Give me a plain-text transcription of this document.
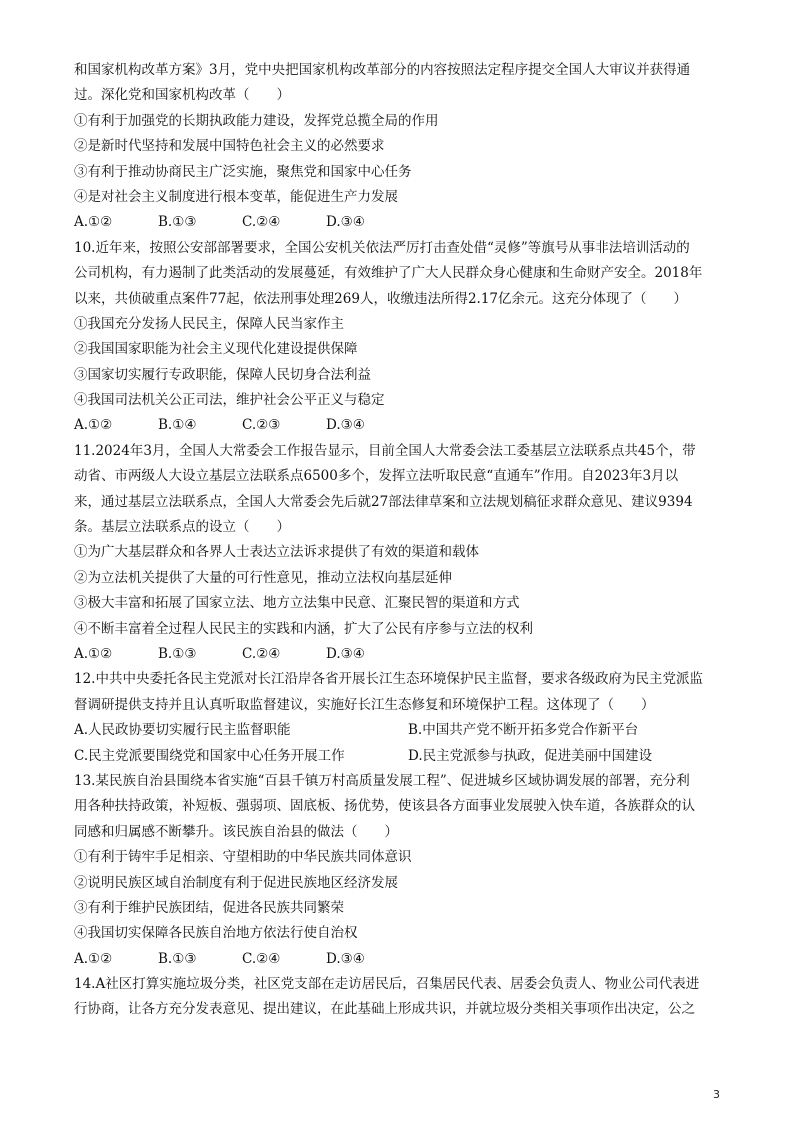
和国家机构改革方案》3月，党中央把国家机构改革部分的内容按照法定程序提交全国人大审议并获得通
过。深化党和国家机构改革（　　）
①有利于加强党的长期执政能力建设，发挥党总揽全局的作用
②是新时代坚持和发展中国特色社会主义的必然要求
③有利于推动协商民主广泛实施，聚焦党和国家中心任务
④是对社会主义制度进行根本变革，能促进生产力发展
A.①②	B.①③	C.②④	D.③④
10.近年来，按照公安部部署要求，全国公安机关依法严厉打击查处借“灵修”等旗号从事非法培训活动的
公司机构，有力遏制了此类活动的发展蔓延，有效维护了广大人民群众身心健康和生命财产安全。2018年
以来，共侦破重点案件77起，依法刑事处理269人，收缴违法所得2.17亿余元。这充分体现了（　　）
①我国充分发扬人民民主，保障人民当家作主
②我国国家职能为社会主义现代化建设提供保障
③国家切实履行专政职能，保障人民切身合法利益
④我国司法机关公正司法，维护社会公平正义与稳定
A.①②	B.①④	C.②③	D.③④
11.2024年3月，全国人大常委会工作报告显示，目前全国人大常委会法工委基层立法联系点共45个，带
动省、市两级人大设立基层立法联系点6500多个，发挥立法听取民意“直通车”作用。自2023年3月以
来，通过基层立法联系点，全国人大常委会先后就27部法律草案和立法规划稿征求群众意见、建议9394
条。基层立法联系点的设立（　　）
①为广大基层群众和各界人士表达立法诉求提供了有效的渠道和载体
②为立法机关提供了大量的可行性意见，推动立法权向基层延伸
③极大丰富和拓展了国家立法、地方立法集中民意、汇聚民智的渠道和方式
④不断丰富着全过程人民民主的实践和内涵，扩大了公民有序参与立法的权利
A.①②	B.①③	C.②④	D.③④
12.中共中央委托各民主党派对长江沿岸各省开展长江生态环境保护民主监督，要求各级政府为民主党派监
督调研提供支持并且认真听取监督建议，实施好长江生态修复和环境保护工程。这体现了（　　）
A.人民政协要切实履行民主监督职能	B.中国共产党不断开拓多党合作新平台
C.民主党派要围绕党和国家中心任务开展工作	D.民主党派参与执政，促进美丽中国建设
13.某民族自治县围绕本省实施“百县千镇万村高质量发展工程”、促进城乡区域协调发展的部署，充分利
用各种扶持政策，补短板、强弱项、固底板、扬优势，使该县各方面事业发展驶入快车道，各族群众的认
同感和归属感不断攀升。该民族自治县的做法（　　）
①有利于铸牢手足相亲、守望相助的中华民族共同体意识
②说明民族区域自治制度有利于促进民族地区经济发展
③有利于维护民族团结，促进各民族共同繁荣
④我国切实保障各民族自治地方依法行使自治权
A.①②	B.①③	C.②④	D.③④
14.A社区打算实施垃圾分类，社区党支部在走访居民后，召集居民代表、居委会负责人、物业公司代表进
行协商，让各方充分发表意见、提出建议，在此基础上形成共识，并就垃圾分类相关事项作出决定，公之
3
